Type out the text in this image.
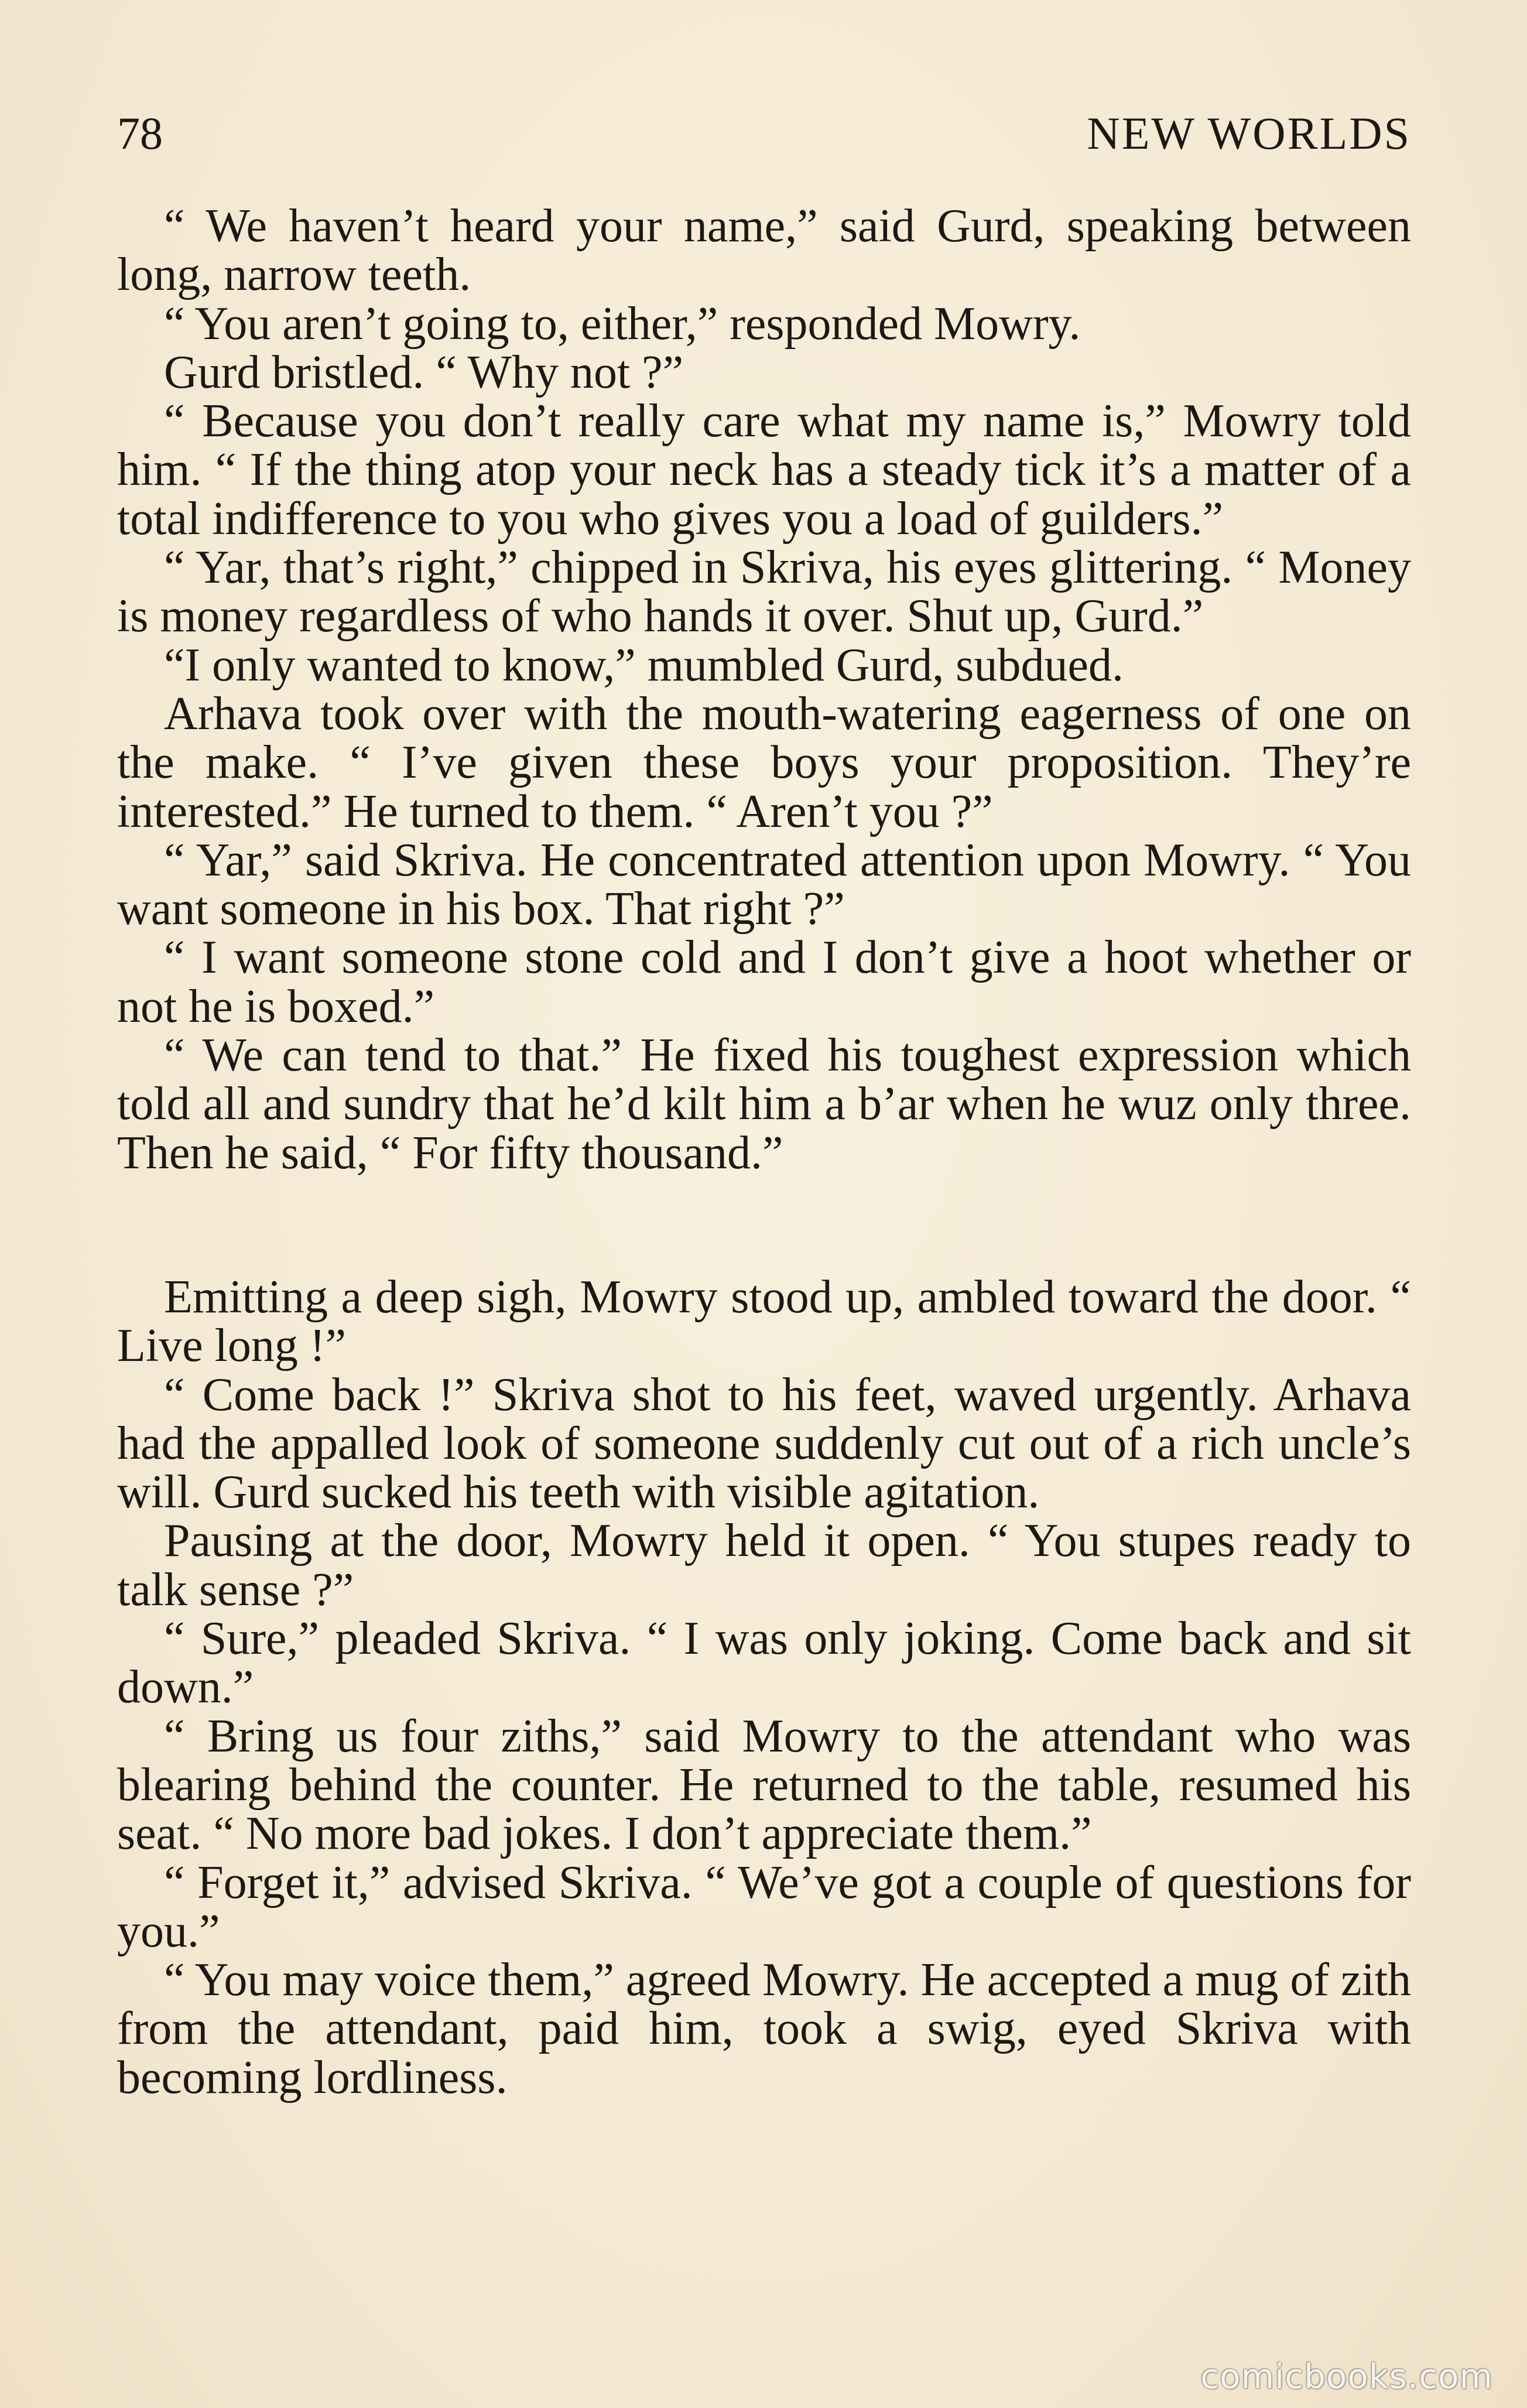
78	NEW WORLDS

“ We haven’t heard your name,” said Gurd, speaking between long, narrow teeth.

“ You aren’t going to, either,” responded Mowry.

Gurd bristled. “ Why not ?”

“ Because you don’t really care what my name is,” Mowry told him. “ If the thing atop your neck has a steady tick it’s a matter of a total indifference to you who gives you a load of guilders.”

“ Yar, that’s right,” chipped in Skriva, his eyes glittering. “ Money is money regardless of who hands it over. Shut up, Gurd.”

“I only wanted to know,” mumbled Gurd, subdued.

Arhava took over with the mouth-watering eagerness of one on the make. “ I’ve given these boys your proposition. They’re interested.” He turned to them. “ Aren’t you ?”

“ Yar,” said Skriva. He concentrated attention upon Mowry. “ You want someone in his box. That right ?”

“ I want someone stone cold and I don’t give a hoot whether or not he is boxed.”

“ We can tend to that.” He fixed his toughest expression which told all and sundry that he’d kilt him a b’ar when he wuz only three. Then he said, “ For fifty thousand.”

Emitting a deep sigh, Mowry stood up, ambled toward the door. “ Live long !”

“ Come back !” Skriva shot to his feet, waved urgently. Arhava had the appalled look of someone suddenly cut out of a rich uncle’s will. Gurd sucked his teeth with visible agitation.

Pausing at the door, Mowry held it open. “ You stupes ready to talk sense ?”

“ Sure,” pleaded Skriva. “ I was only joking. Come back and sit down.”

“ Bring us four ziths,” said Mowry to the attendant who was blearing behind the counter. He returned to the table, resumed his seat. “ No more bad jokes. I don’t appreciate them.”

“ Forget it,” advised Skriva. “ We’ve got a couple of questions for you.”

“ You may voice them,” agreed Mowry. He accepted a mug of zith from the attendant, paid him, took a swig, eyed Skriva with becoming lordliness.

comicbooks.com
